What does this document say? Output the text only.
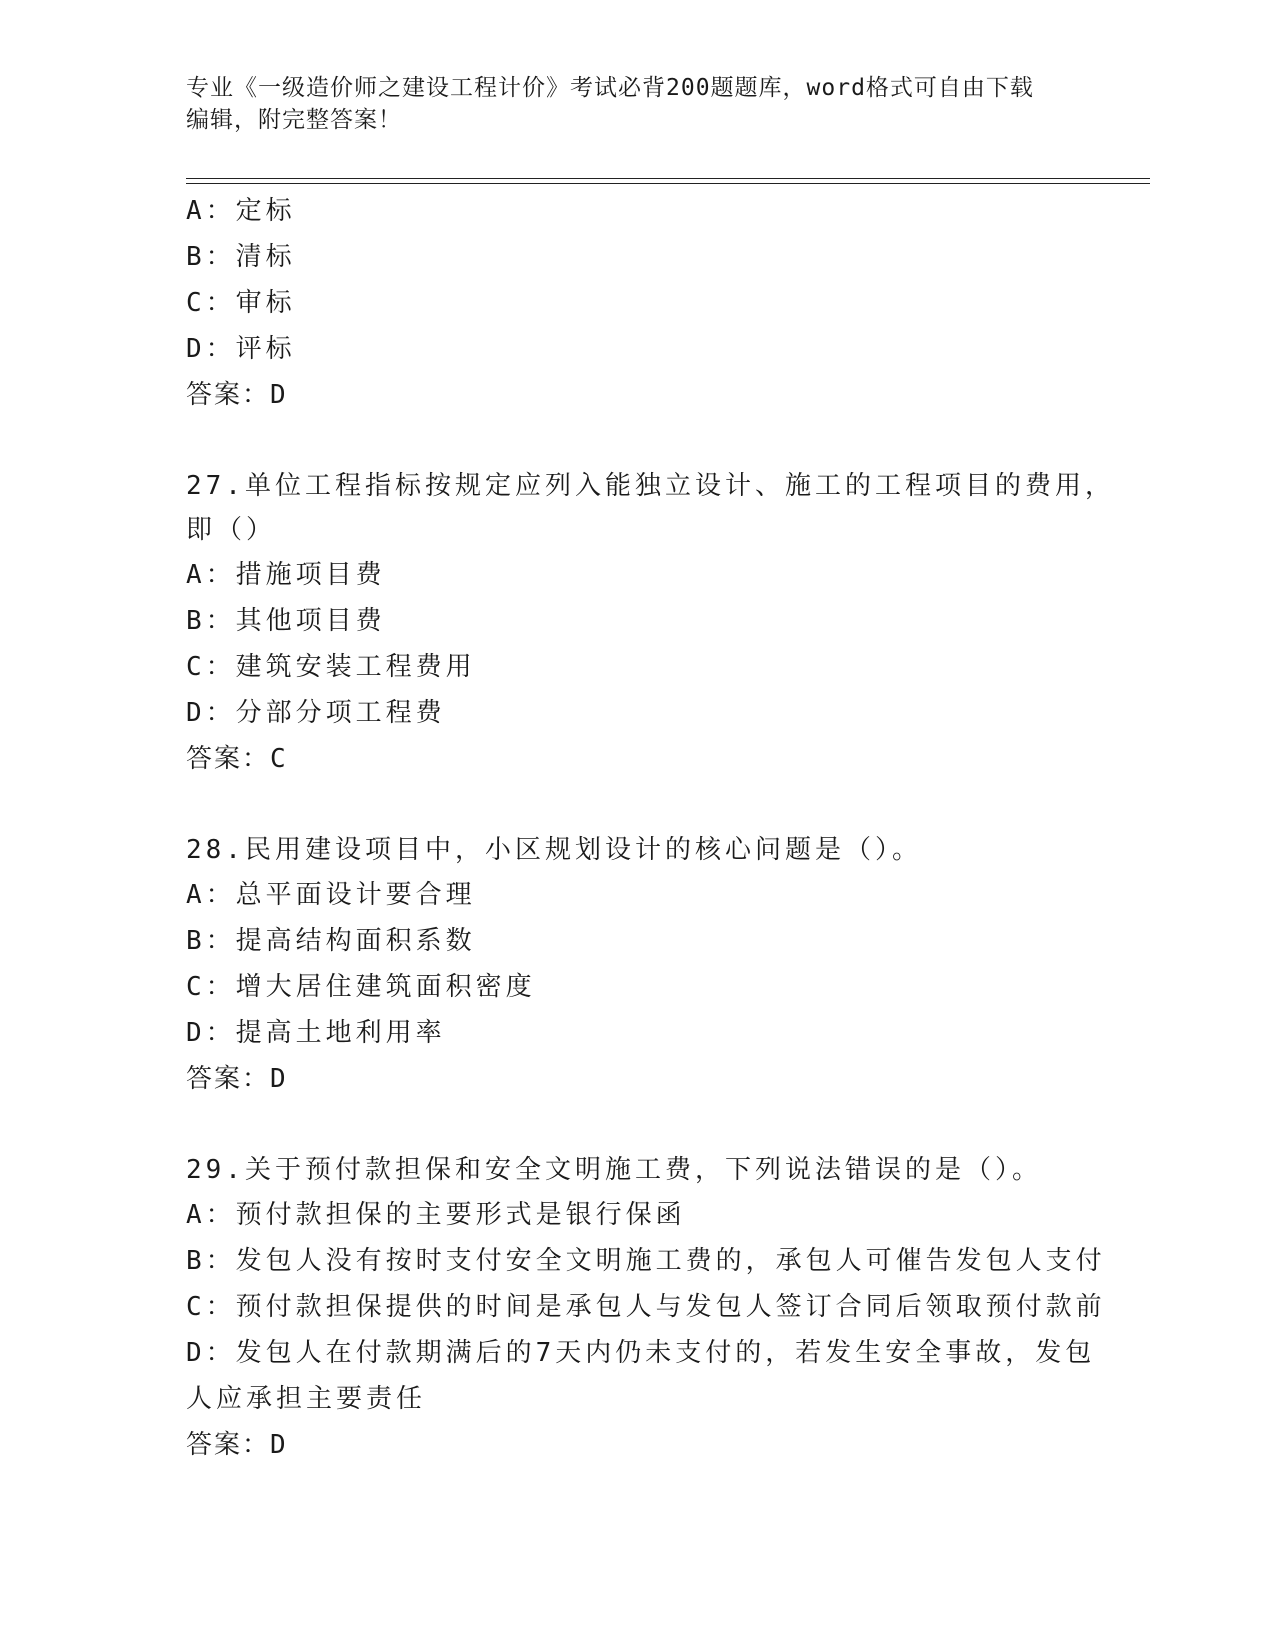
专业《一级造价师之建设工程计价》考试必背200题题库，word格式可自由下载
编辑，附完整答案！
A：定标
B：清标
C：审标
D：评标
答案：D
27.单位工程指标按规定应列入能独立设计、施工的工程项目的费用，
即（）
A：措施项目费
B：其他项目费
C：建筑安装工程费用
D：分部分项工程费
答案：C
28.民用建设项目中，小区规划设计的核心问题是（）。
A：总平面设计要合理
B：提高结构面积系数
C：增大居住建筑面积密度
D：提高土地利用率
答案：D
29.关于预付款担保和安全文明施工费，下列说法错误的是（）。
A：预付款担保的主要形式是银行保函
B：发包人没有按时支付安全文明施工费的，承包人可催告发包人支付
C：预付款担保提供的时间是承包人与发包人签订合同后领取预付款前
D：发包人在付款期满后的7天内仍未支付的，若发生安全事故，发包
人应承担主要责任
答案：D
